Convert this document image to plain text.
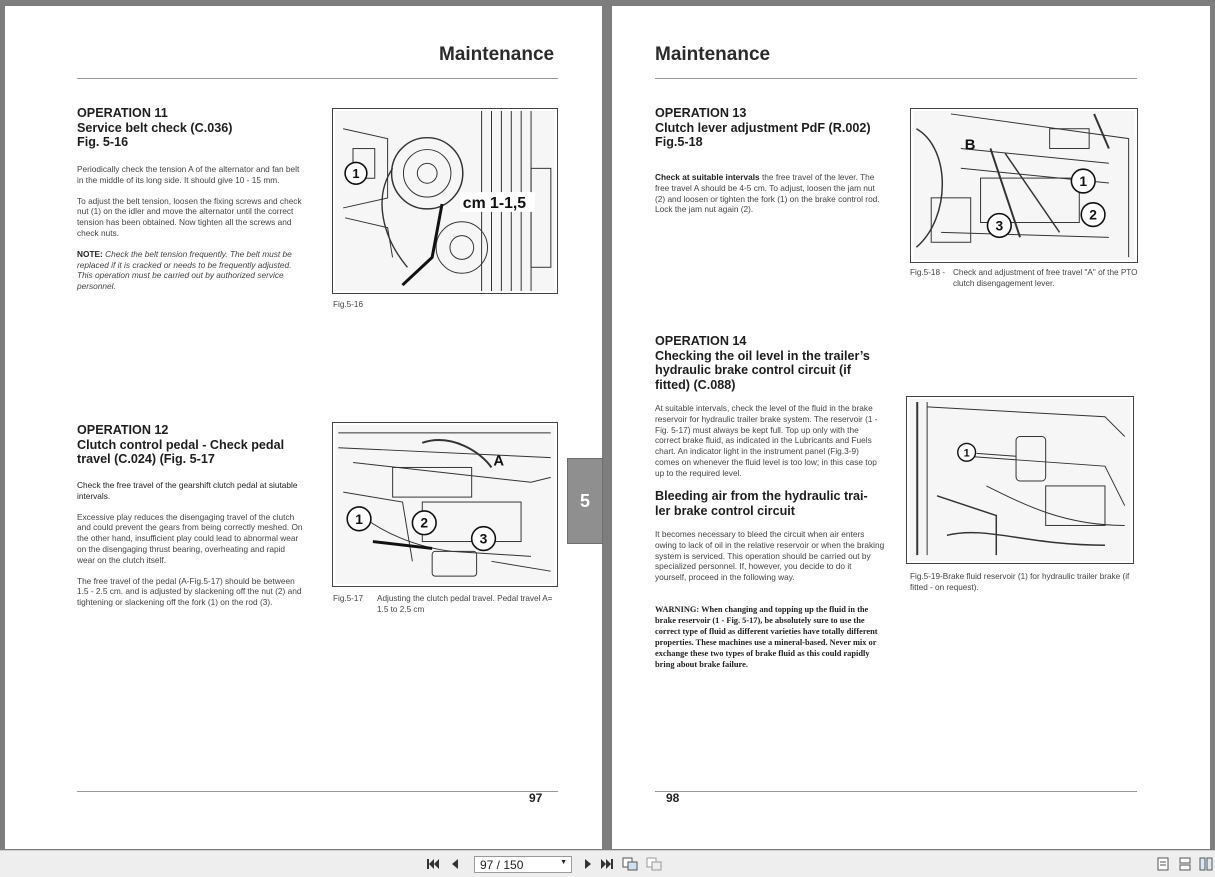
Maintenance
OPERATION 11
Service belt check (C.036)
Fig. 5-16

Periodically check the tension A of the alternator and fan belt in the middle of its long side. It should give 10 - 15 mm.

To adjust the belt tension, loosen the fixing screws and check nut (1) on the idler and move the alternator until the correct tension has been obtained. Now tighten all the screws and check nuts.

NOTE: Check the belt tension frequently. The belt must be replaced if it is cracked or needs to be frequently adjusted. This operation must be carried out by authorized service personnel.

1
cm 1-1,5
Fig.5-16
OPERATION 12
Clutch control pedal - Check pedal
travel (C.024) (Fig. 5-17

Check the free travel of the gearshift clutch pedal at siutable intervals.

Excessive play reduces the disengaging travel of the clutch and could prevent the gears from being correctly meshed. On the other hand, insufficient play could lead to abnormal wear on the disengaging thrust bearing, overheating and rapid wear on the clutch itself.

The free travel of the pedal (A-Fig.5-17) should be between 1.5 - 2.5 cm. and is adjusted by slackening off the nut (2) and tightening or slackening off the fork (1) on the rod (3).

1	2
3
A
Fig.5-17 Adjusting the clutch pedal travel. Pedal travel A= 1.5 to 2.5 cm
97
5
Maintenance
OPERATION 13
Clutch lever adjustment PdF (R.002)
Fig.5-18

Check at suitable intervals the free travel of the lever. The free travel A should be 4-5 cm. To adjust, loosen the jam nut (2) and loosen or tighten the fork (1) on the brake control rod.

Lock the jam nut again (2).

B
1
2
3
Fig.5-18 - Check and adjustment of free travel "A" of the PTO clutch disengagement lever.
OPERATION 14
Checking the oil level in the trailer’s
hydraulic brake control circuit (if
fitted) (C.088)

At suitable intervals, check the level of the fluid in the brake reservoir for hydraulic trailer brake system. The reservoir (1 - Fig. 5-17) must always be kept full. Top up only with the correct brake fluid, as indicated in the Lubricants and Fuels chart. An indicator light in the instrument panel (Fig.3-9) comes on whenever the fluid level is too low; in this case top up to the required level.

Bleeding air from the hydraulic trai-
ler brake control circuit

It becomes necessary to bleed the circuit when air enters owing to lack of oil in the relative reservoir or when the braking system is serviced. This operation should be carried out by specialized personnel. If, however, you decide to do it yourself, proceed in the following way.

WARNING: When changing and topping up the fluid in the brake reservoir (1 - Fig. 5-17), be absolutely sure to use the correct type of fluid as different varieties have totally different properties. These machines use a mineral-based. Never mix or exchange these two types of brake fluid as this could rapidly bring about brake failure.
1
Fig.5-19-Brake fluid reservoir (1) for hydraulic trailer brake (if fitted - on request).
98
97 / 150	▼
